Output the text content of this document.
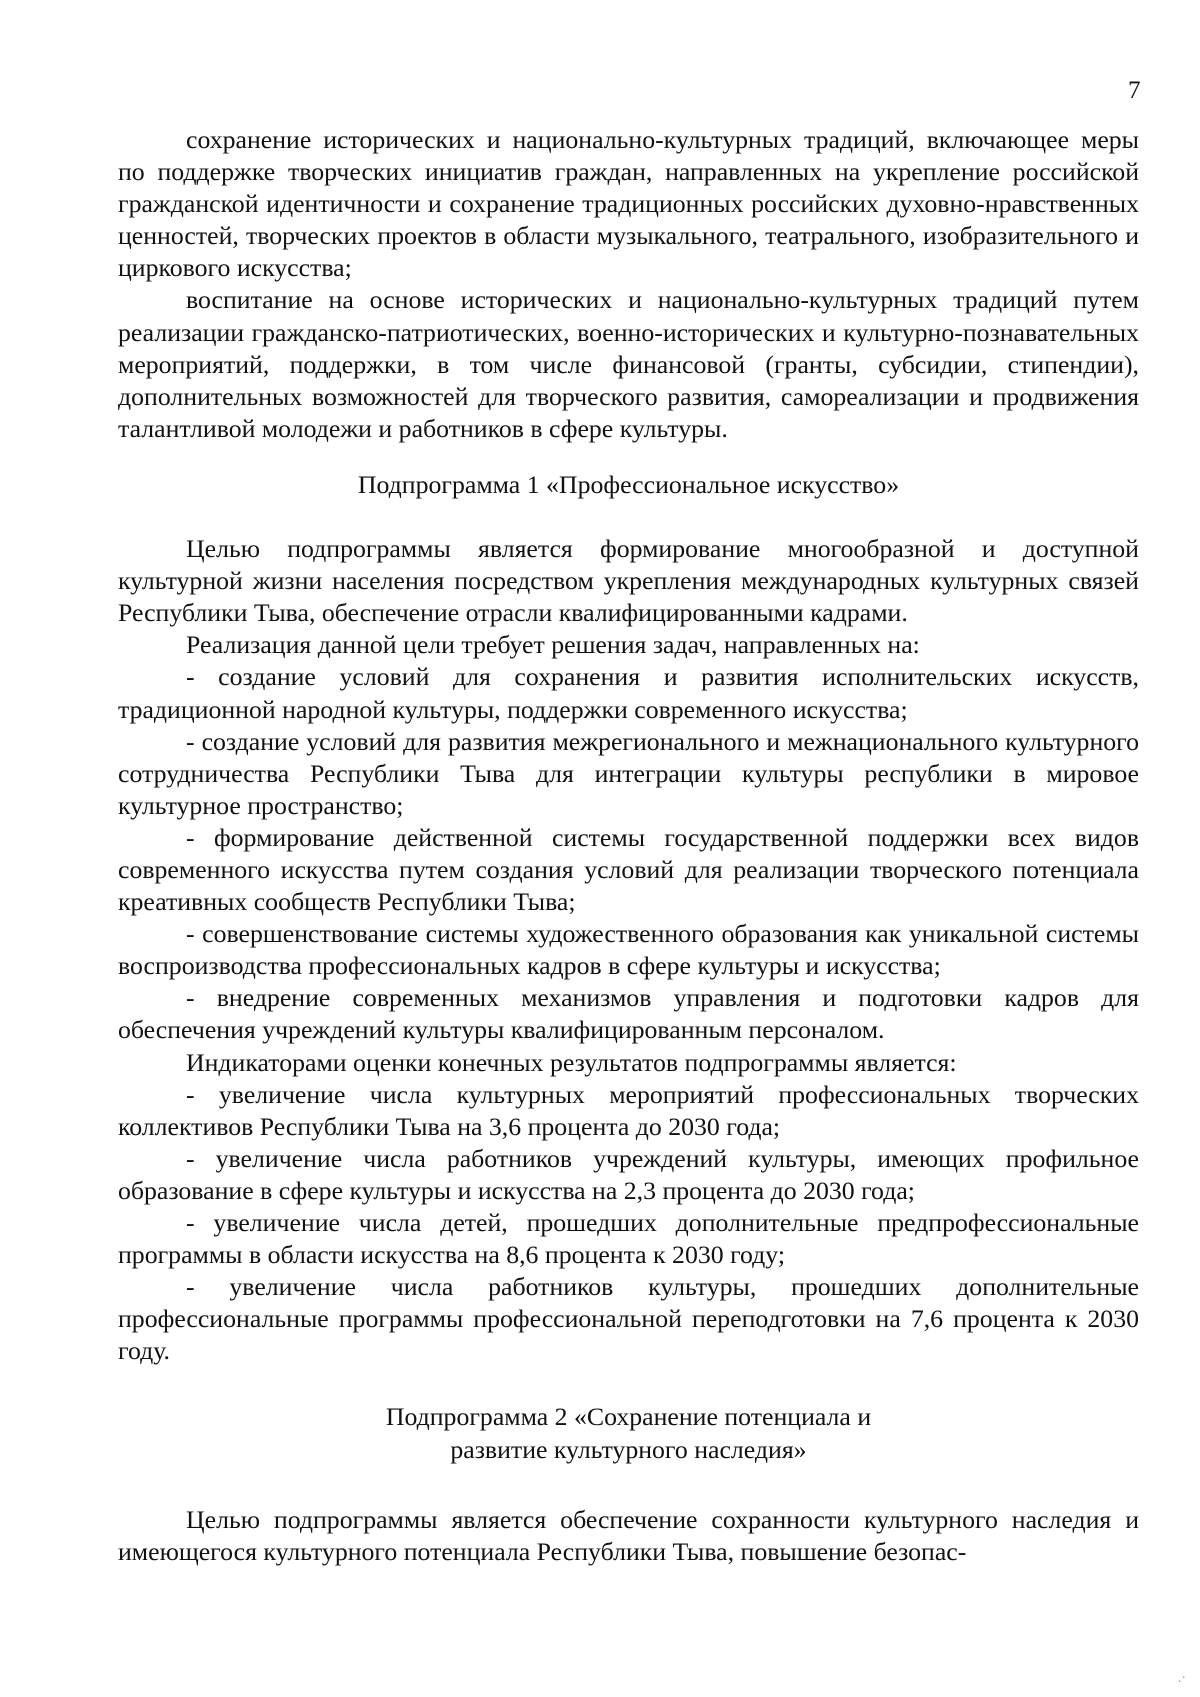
7

сохранение исторических и национально-культурных традиций, включающее меры по поддержке творческих инициатив граждан, направленных на укрепление российской гражданской идентичности и сохранение традиционных российских духовно-нравственных ценностей, творческих проектов в области музыкального, театрального, изобразительного и циркового искусства;

воспитание на основе исторических и национально-культурных традиций путем реализации гражданско-патриотических, военно-исторических и культурно-познавательных мероприятий, поддержки, в том числе финансовой (гранты, субсидии, стипендии), дополнительных возможностей для творческого развития, самореализации и продвижения талантливой молодежи и работников в сфере культуры.

Подпрограмма 1 «Профессиональное искусство»

Целью подпрограммы является формирование многообразной и доступной культурной жизни населения посредством укрепления международных культурных связей Республики Тыва, обеспечение отрасли квалифицированными кадрами.

Реализация данной цели требует решения задач, направленных на:

- создание условий для сохранения и развития исполнительских искусств, традиционной народной культуры, поддержки современного искусства;

- создание условий для развития межрегионального и межнационального культурного сотрудничества Республики Тыва для интеграции культуры республики в мировое культурное пространство;

- формирование действенной системы государственной поддержки всех видов современного искусства путем создания условий для реализации творческого потенциала креативных сообществ Республики Тыва;

- совершенствование системы художественного образования как уникальной системы воспроизводства профессиональных кадров в сфере культуры и искусства;

- внедрение современных механизмов управления и подготовки кадров для обеспечения учреждений культуры квалифицированным персоналом.

Индикаторами оценки конечных результатов подпрограммы является:

- увеличение числа культурных мероприятий профессиональных творческих коллективов Республики Тыва на 3,6 процента до 2030 года;

- увеличение числа работников учреждений культуры, имеющих профильное образование в сфере культуры и искусства на 2,3 процента до 2030 года;

- увеличение числа детей, прошедших дополнительные предпрофессиональные программы в области искусства на 8,6 процента к 2030 году;

- увеличение числа работников культуры, прошедших дополнительные профессиональные программы профессиональной переподготовки на 7,6 процента к 2030 году.

Подпрограмма 2 «Сохранение потенциала и
развитие культурного наследия»

Целью подпрограммы является обеспечение сохранности культурного наследия и имеющегося культурного потенциала Республики Тыва, повышение безопас-

.·
